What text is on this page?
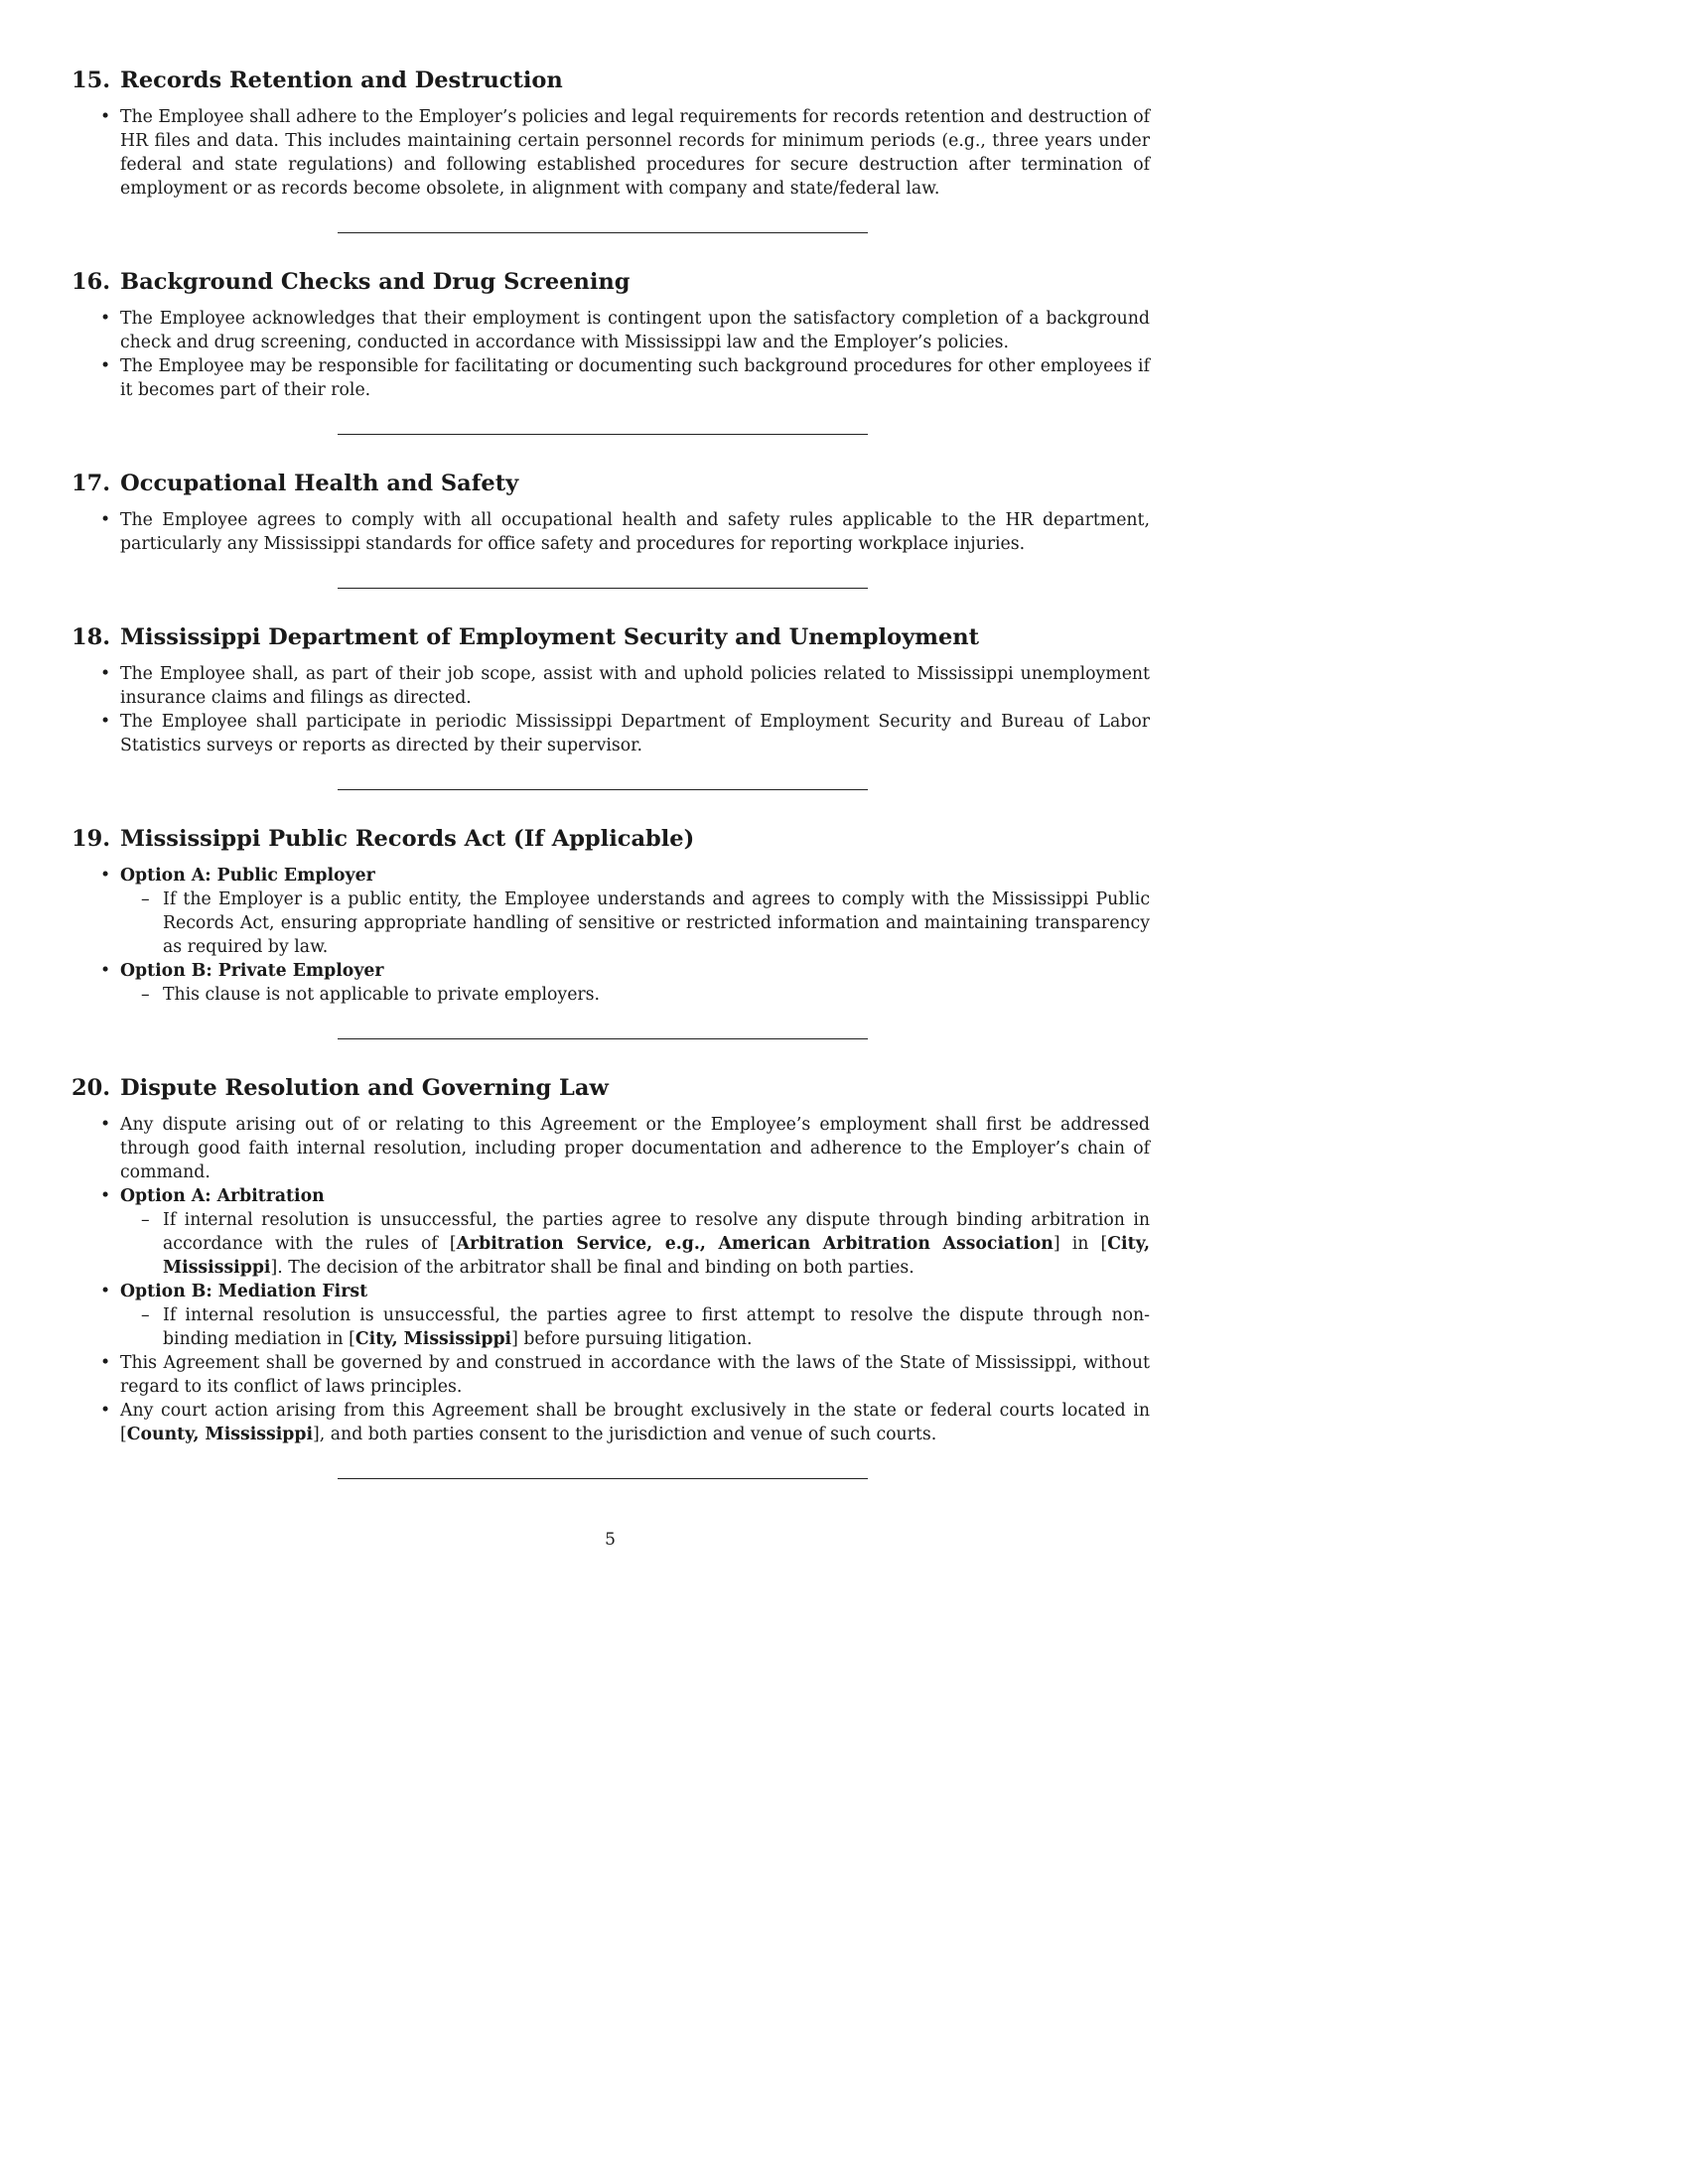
15. Records Retention and Destruction
• The Employee shall adhere to the Employer’s policies and legal requirements for records retention and destruction of HR files and data. This includes maintaining certain personnel records for minimum periods (e.g., three years under federal and state regulations) and following established procedures for secure destruction after termination of employment or as records become obsolete, in alignment with company and state/federal law.
16. Background Checks and Drug Screening
• The Employee acknowledges that their employment is contingent upon the satisfactory completion of a background check and drug screening, conducted in accordance with Mississippi law and the Employer’s policies.
• The Employee may be responsible for facilitating or documenting such background procedures for other employees if it becomes part of their role.
17. Occupational Health and Safety
• The Employee agrees to comply with all occupational health and safety rules applicable to the HR department, particularly any Mississippi standards for office safety and procedures for reporting workplace injuries.
18. Mississippi Department of Employment Security and Unemployment
• The Employee shall, as part of their job scope, assist with and uphold policies related to Mississippi unemployment insurance claims and filings as directed.
• The Employee shall participate in periodic Mississippi Department of Employment Security and Bureau of Labor Statistics surveys or reports as directed by their supervisor.
19. Mississippi Public Records Act (If Applicable)
• Option A: Public Employer
– If the Employer is a public entity, the Employee understands and agrees to comply with the Mississippi Public Records Act, ensuring appropriate handling of sensitive or restricted information and maintaining transparency as required by law.
• Option B: Private Employer
– This clause is not applicable to private employers.
20. Dispute Resolution and Governing Law
• Any dispute arising out of or relating to this Agreement or the Employee’s employment shall first be addressed through good faith internal resolution, including proper documentation and adherence to the Employer’s chain of command.
• Option A: Arbitration
– If internal resolution is unsuccessful, the parties agree to resolve any dispute through binding arbitration in accordance with the rules of [Arbitration Service, e.g., American Arbitration Association] in [City, Mississippi]. The decision of the arbitrator shall be final and binding on both parties.
• Option B: Mediation First
– If internal resolution is unsuccessful, the parties agree to first attempt to resolve the dispute through non-binding mediation in [City, Mississippi] before pursuing litigation.
• This Agreement shall be governed by and construed in accordance with the laws of the State of Mississippi, without regard to its conflict of laws principles.
• Any court action arising from this Agreement shall be brought exclusively in the state or federal courts located in [County, Mississippi], and both parties consent to the jurisdiction and venue of such courts.
5
